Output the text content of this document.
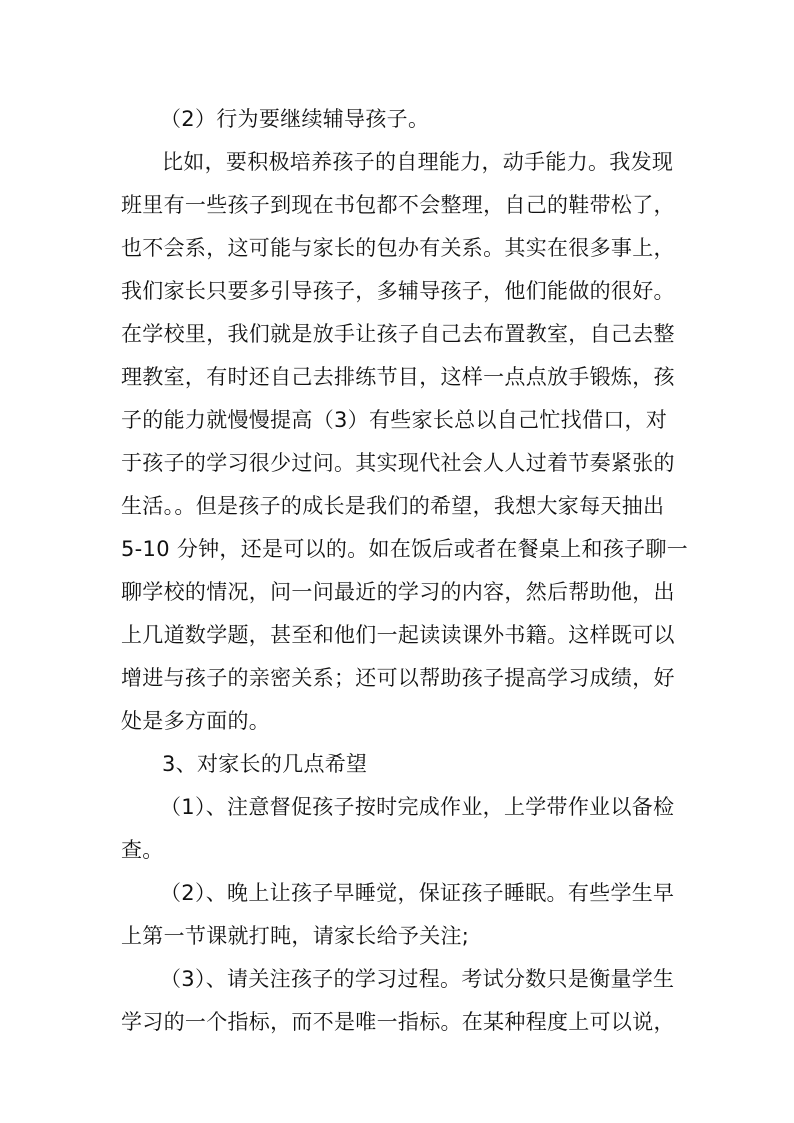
（2）行为要继续辅导孩子。
比如，要积极培养孩子的自理能力，动手能力。我发现
班里有一些孩子到现在书包都不会整理，自己的鞋带松了，
也不会系，这可能与家长的包办有关系。其实在很多事上，
我们家长只要多引导孩子，多辅导孩子，他们能做的很好。
在学校里，我们就是放手让孩子自己去布置教室，自己去整
理教室，有时还自己去排练节目，这样一点点放手锻炼，孩
子的能力就慢慢提高（3）有些家长总以自己忙找借口，对
于孩子的学习很少过问。其实现代社会人人过着节奏紧张的
生活。。但是孩子的成长是我们的希望，我想大家每天抽出
5-10 分钟，还是可以的。如在饭后或者在餐桌上和孩子聊一
聊学校的情况，问一问最近的学习的内容，然后帮助他，出
上几道数学题，甚至和他们一起读读课外书籍。这样既可以
增进与孩子的亲密关系；还可以帮助孩子提高学习成绩，好
处是多方面的。
3、对家长的几点希望
（1）、注意督促孩子按时完成作业，上学带作业以备检
查。
（2）、晚上让孩子早睡觉，保证孩子睡眠。有些学生早
上第一节课就打盹，请家长给予关注;
（3）、请关注孩子的学习过程。考试分数只是衡量学生
学习的一个指标，而不是唯一指标。在某种程度上可以说，
